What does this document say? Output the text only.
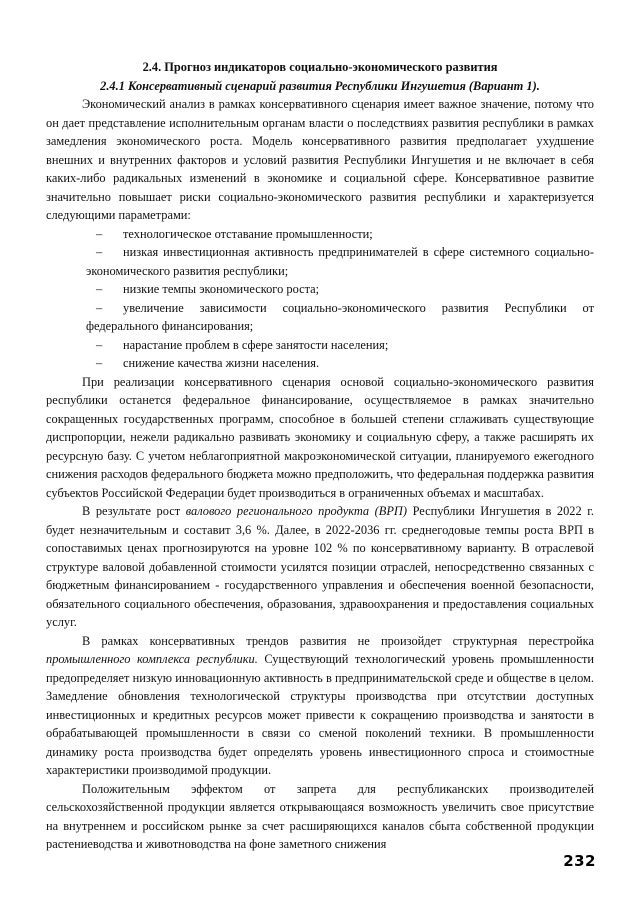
2.4. Прогноз индикаторов социально-экономического развития
2.4.1 Консервативный сценарий развития Республики Ингушетия (Вариант 1).

Экономический анализ в рамках консервативного сценария имеет важное значение, потому что он дает представление исполнительным органам власти о последствиях развития республики в рамках замедления экономического роста. Модель консервативного развития предполагает ухудшение внешних и внутренних факторов и условий развития Республики Ингушетия и не включает в себя каких-либо радикальных изменений в экономике и социальной сфере. Консервативное развитие значительно повышает риски социально-экономического развития республики и характеризуется следующими параметрами:

– технологическое отставание промышленности;
– низкая инвестиционная активность предпринимателей в сфере системного социально-экономического развития республики;
– низкие темпы экономического роста;
– увеличение зависимости социально-экономического развития Республики от федерального финансирования;
– нарастание проблем в сфере занятости населения;
– снижение качества жизни населения.

При реализации консервативного сценария основой социально-экономического развития республики останется федеральное финансирование, осуществляемое в рамках значительно сокращенных государственных программ, способное в большей степени сглаживать существующие диспропорции, нежели радикально развивать экономику и социальную сферу, а также расширять их ресурсную базу. С учетом неблагоприятной макроэкономической ситуации, планируемого ежегодного снижения расходов федерального бюджета можно предположить, что федеральная поддержка развития субъектов Российской Федерации будет производиться в ограниченных объемах и масштабах.

В результате рост валового регионального продукта (ВРП) Республики Ингушетия в 2022 г. будет незначительным и составит 3,6 %. Далее, в 2022-2036 гг. среднегодовые темпы роста ВРП в сопоставимых ценах прогнозируются на уровне 102 % по консервативному варианту. В отраслевой структуре валовой добавленной стоимости усилятся позиции отраслей, непосредственно связанных с бюджетным финансированием - государственного управления и обеспечения военной безопасности, обязательного социального обеспечения, образования, здравоохранения и предоставления социальных услуг.

В рамках консервативных трендов развития не произойдет структурная перестройка промышленного комплекса республики. Существующий технологический уровень промышленности предопределяет низкую инновационную активность в предпринимательской среде и обществе в целом. Замедление обновления технологической структуры производства при отсутствии доступных инвестиционных и кредитных ресурсов может привести к сокращению производства и занятости в обрабатывающей промышленности в связи со сменой поколений техники. В промышленности динамику роста производства будет определять уровень инвестиционного спроса и стоимостные характеристики производимой продукции.

Положительным эффектом от запрета для республиканских производителей сельскохозяйственной продукции является открывающаяся возможность увеличить свое присутствие на внутреннем и российском рынке за счет расширяющихся каналов сбыта собственной продукции растениеводства и животноводства на фоне заметного снижения

232
